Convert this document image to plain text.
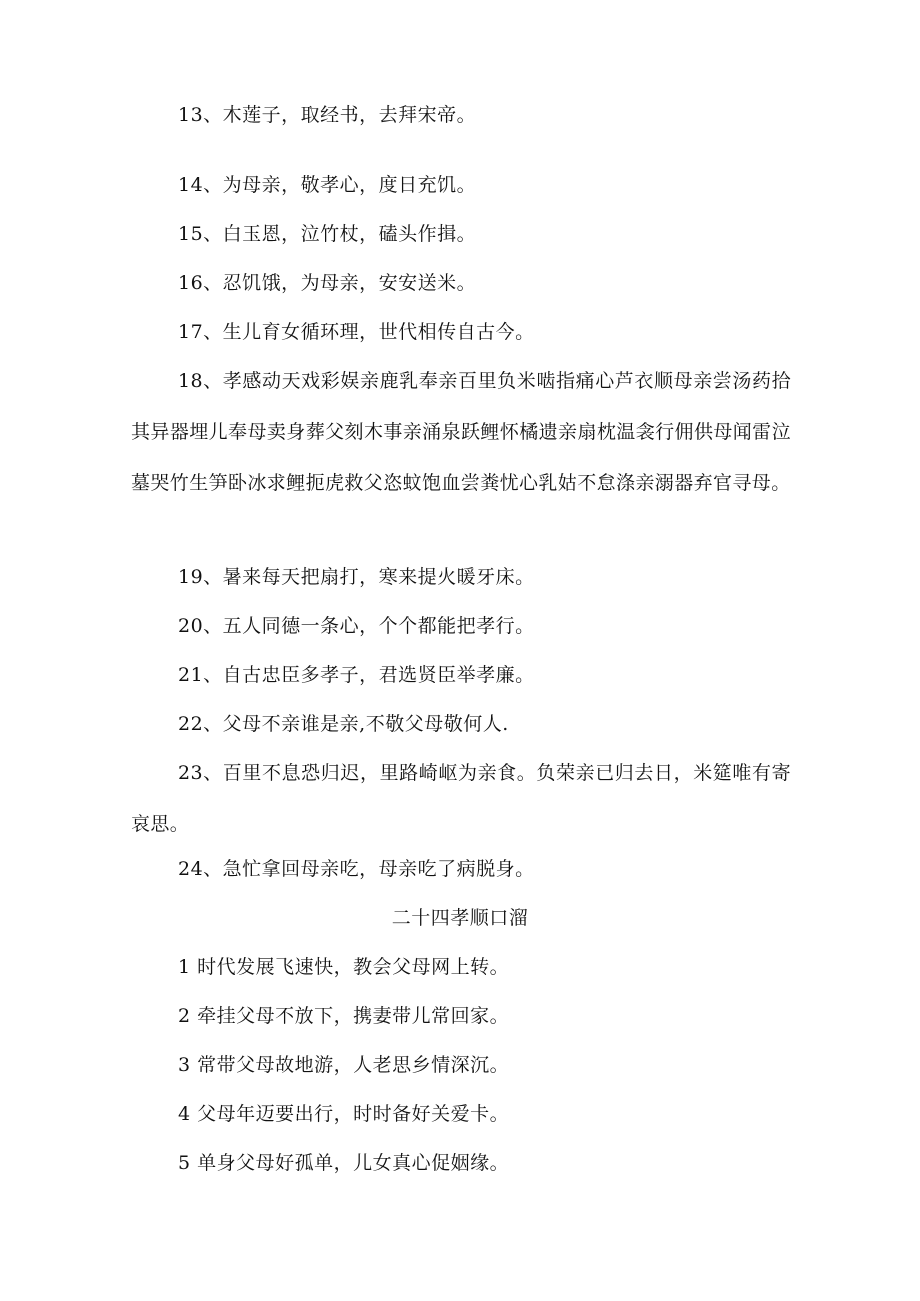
13、木莲子，取经书，去拜宋帝。
14、为母亲，敬孝心，度日充饥。
15、白玉恩，泣竹杖，磕头作揖。
16、忍饥饿，为母亲，安安送米。
17、生儿育女循环理，世代相传自古今。
18、孝感动天戏彩娱亲鹿乳奉亲百里负米啮指痛心芦衣顺母亲尝汤药拾其异器埋儿奉母卖身葬父刻木事亲涌泉跃鲤怀橘遗亲扇枕温衾行佣供母闻雷泣墓哭竹生笋卧冰求鲤扼虎救父恣蚊饱血尝粪忧心乳姑不怠涤亲溺器弃官寻母。
19、暑来每天把扇打，寒来提火暖牙床。
20、五人同德一条心，个个都能把孝行。
21、自古忠臣多孝子，君选贤臣举孝廉。
22、父母不亲谁是亲,不敬父母敬何人.
23、百里不息恐归迟，里路崎岖为亲食。负荣亲已归去日，米筵唯有寄哀思。
24、急忙拿回母亲吃，母亲吃了病脱身。
二十四孝顺口溜
1 时代发展飞速快，教会父母网上转。
2 牵挂父母不放下，携妻带儿常回家。
3 常带父母故地游，人老思乡情深沉。
4 父母年迈要出行，时时备好关爱卡。
5 单身父母好孤单，儿女真心促姻缘。
